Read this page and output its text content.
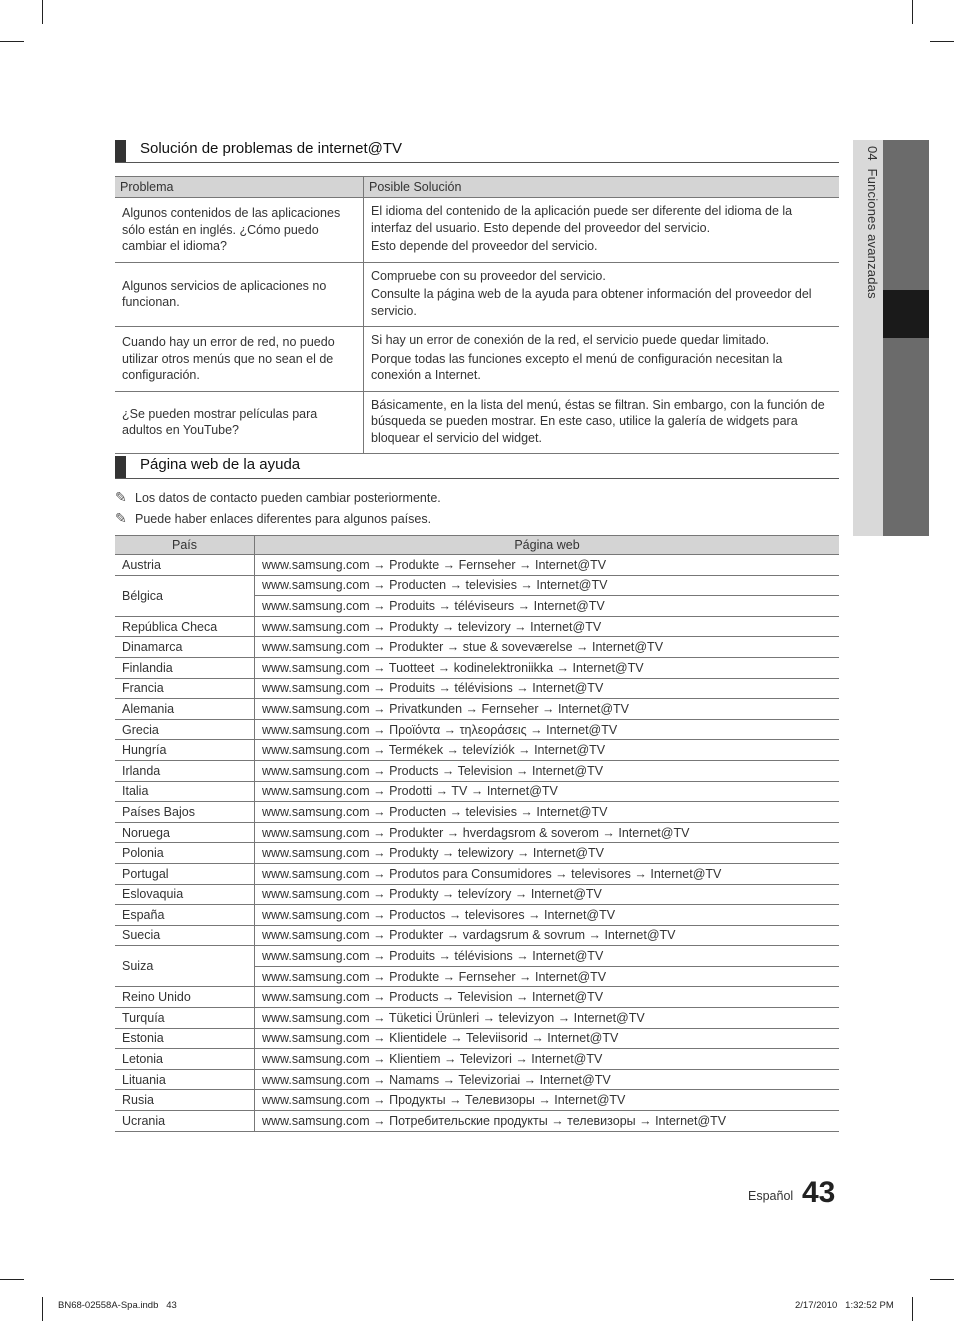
04  Funciones avanzadas
Solución de problemas de internet@TV
Problema	Posible Solución
Algunos contenidos de las aplicaciones sólo están en inglés. ¿Cómo puedo cambiar el idioma?	El idioma del contenido de la aplicación puede ser diferente del idioma de la interfaz del usuario. Esto depende del proveedor del servicio.

Esto depende del proveedor del servicio.

Algunos servicios de aplicaciones no funcionan.	Compruebe con su proveedor del servicio.

Consulte la página web de la ayuda para obtener información del proveedor del servicio.

Cuando hay un error de red, no puedo utilizar otros menús que no sean el de configuración.	Si hay un error de conexión de la red, el servicio puede quedar limitado.

Porque todas las funciones excepto el menú de configuración necesitan la conexión a Internet.

¿Se pueden mostrar películas para adultos en YouTube?	Básicamente, en la lista del menú, éstas se filtran. Sin embargo, con la función de búsqueda se pueden mostrar. En este caso, utilice la galería de widgets para bloquear el servicio del widget.

Página web de la ayuda
✎ Los datos de contacto pueden cambiar posteriormente.
✎ Puede haber enlaces diferentes para algunos países.
País	Página web
Austria	www.samsung.com → Produkte → Fernseher → Internet@TV
Bélgica	www.samsung.com → Producten → televisies → Internet@TV
	www.samsung.com → Produits → téléviseurs → Internet@TV
República Checa	www.samsung.com → Produkty → televizory → Internet@TV
Dinamarca	www.samsung.com → Produkter → stue & soveværelse → Internet@TV
Finlandia	www.samsung.com → Tuotteet → kodinelektroniikka → Internet@TV
Francia	www.samsung.com → Produits → télévisions → Internet@TV
Alemania	www.samsung.com → Privatkunden → Fernseher → Internet@TV
Grecia	www.samsung.com → Προϊόντα → τηλεοράσεις → Internet@TV
Hungría	www.samsung.com → Termékek → televíziók → Internet@TV
Irlanda	www.samsung.com → Products → Television → Internet@TV
Italia	www.samsung.com → Prodotti → TV → Internet@TV
Países Bajos	www.samsung.com → Producten → televisies → Internet@TV
Noruega	www.samsung.com → Produkter → hverdagsrom & soverom → Internet@TV
Polonia	www.samsung.com → Produkty → telewizory → Internet@TV
Portugal	www.samsung.com → Produtos para Consumidores → televisores → Internet@TV
Eslovaquia	www.samsung.com → Produkty → televízory → Internet@TV
España	www.samsung.com → Productos → televisores → Internet@TV
Suecia	www.samsung.com → Produkter → vardagsrum & sovrum → Internet@TV
Suiza	www.samsung.com → Produits → télévisions → Internet@TV
	www.samsung.com → Produkte → Fernseher → Internet@TV
Reino Unido	www.samsung.com → Products → Television → Internet@TV
Turquía	www.samsung.com → Tüketici Ürünleri → televizyon → Internet@TV
Estonia	www.samsung.com → Klientidele → Televiisorid → Internet@TV
Letonia	www.samsung.com → Klientiem → Televizori → Internet@TV
Lituania	www.samsung.com → Namams → Televizoriai → Internet@TV
Rusia	www.samsung.com → Продукты → Телевизоры → Internet@TV
Ucrania	www.samsung.com → Потребительские продукты → телевизоры → Internet@TV
Español 43
BN68-02558A-Spa.indb   43	2/17/2010   1:32:52 PM
